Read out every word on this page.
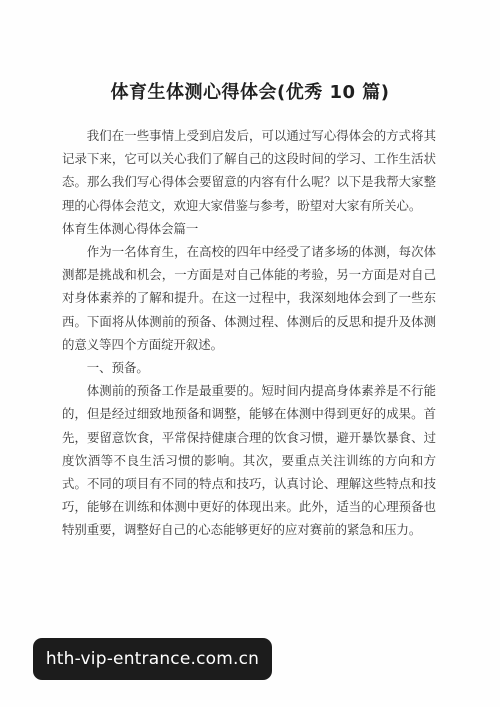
体育生体测心得体会(优秀 10 篇)

我们在一些事情上受到启发后，可以通过写心得体会的方式将其记录下来，它可以关心我们了解自己的这段时间的学习、工作生活状态。那么我们写心得体会要留意的内容有什么呢？以下是我帮大家整理的心得体会范文，欢迎大家借鉴与参考，盼望对大家有所关心。

体育生体测心得体会篇一

作为一名体育生，在高校的四年中经受了诸多场的体测，每次体测都是挑战和机会，一方面是对自己体能的考验，另一方面是对自己对身体素养的了解和提升。在这一过程中，我深刻地体会到了一些东西。下面将从体测前的预备、体测过程、体测后的反思和提升及体测的意义等四个方面绽开叙述。

一、预备。

体测前的预备工作是最重要的。短时间内提高身体素养是不行能的，但是经过细致地预备和调整，能够在体测中得到更好的成果。首先，要留意饮食，平常保持健康合理的饮食习惯，避开暴饮暴食、过度饮酒等不良生活习惯的影响。其次，要重点关注训练的方向和方式。不同的项目有不同的特点和技巧，认真讨论、理解这些特点和技巧，能够在训练和体测中更好的体现出来。此外，适当的心理预备也特别重要，调整好自己的心态能够更好的应对赛前的紧急和压力。

hth-vip-entrance.com.cn
